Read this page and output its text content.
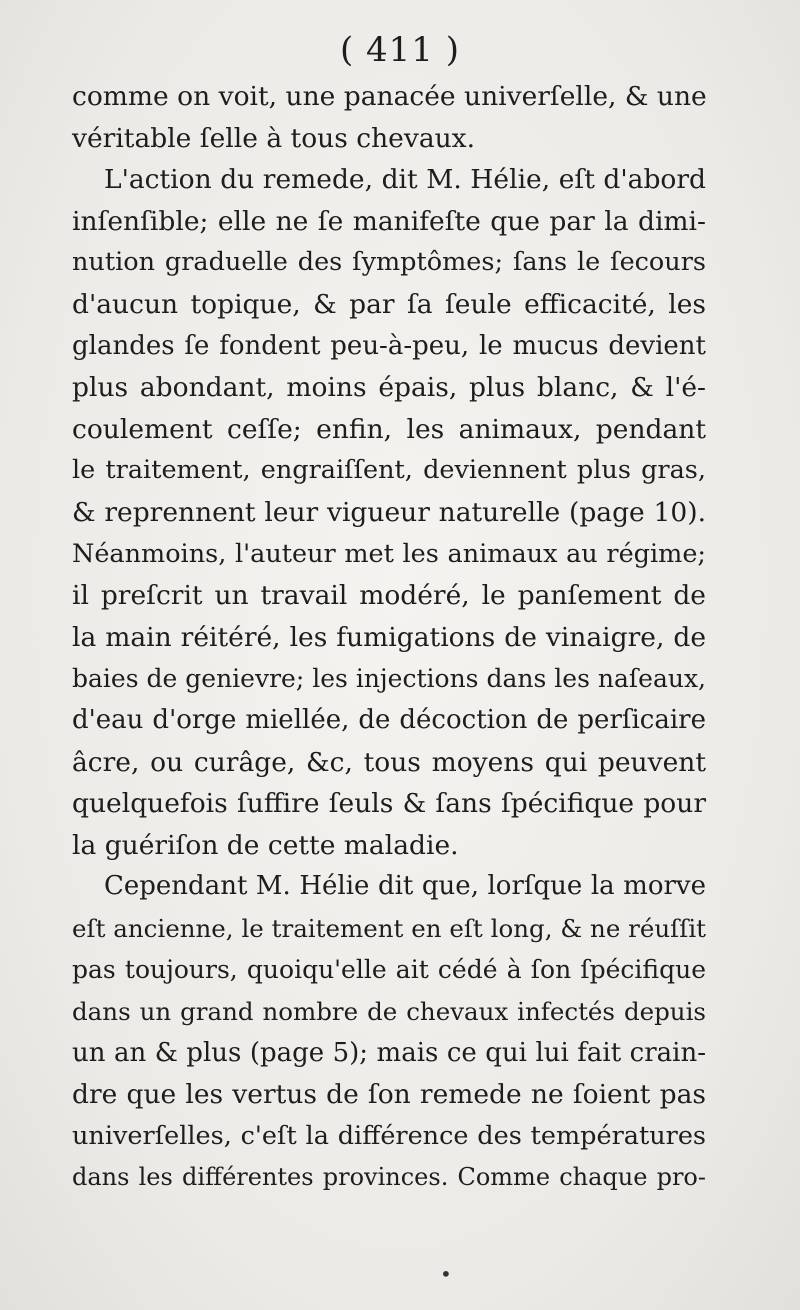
( 411 )
comme on voit, une panacée univerſelle, & une
véritable ſelle à tous chevaux.
L'action du remede, dit M. Hélie, eſt d'abord
inſenſible; elle ne ſe manifeſte que par la dimi-
nution graduelle des ſymptômes; ſans le ſecours
d'aucun topique, & par ſa ſeule efficacité, les
glandes ſe fondent peu-à-peu, le mucus devient
plus abondant, moins épais, plus blanc, & l'é-
coulement ceſſe; enfin, les animaux, pendant
le traitement, engraiſſent, deviennent plus gras,
& reprennent leur vigueur naturelle (page 10).
Néanmoins, l'auteur met les animaux au régime;
il preſcrit un travail modéré, le panſement de
la main réitéré, les fumigations de vinaigre, de
baies de genievre; les injections dans les naſeaux,
d'eau d'orge miellée, de décoction de perſicaire
âcre, ou curâge, &c, tous moyens qui peuvent
quelquefois ſuffire ſeuls & ſans ſpécifique pour
la guériſon de cette maladie.
Cependant M. Hélie dit que, lorſque la morve
eſt ancienne, le traitement en eſt long, & ne réuſſit
pas toujours, quoiqu'elle ait cédé à ſon ſpécifique
dans un grand nombre de chevaux infectés depuis
un an & plus (page 5); mais ce qui lui fait crain-
dre que les vertus de ſon remede ne ſoient pas
univerſelles, c'eſt la différence des températures
dans les différentes provinces. Comme chaque pro-
•
